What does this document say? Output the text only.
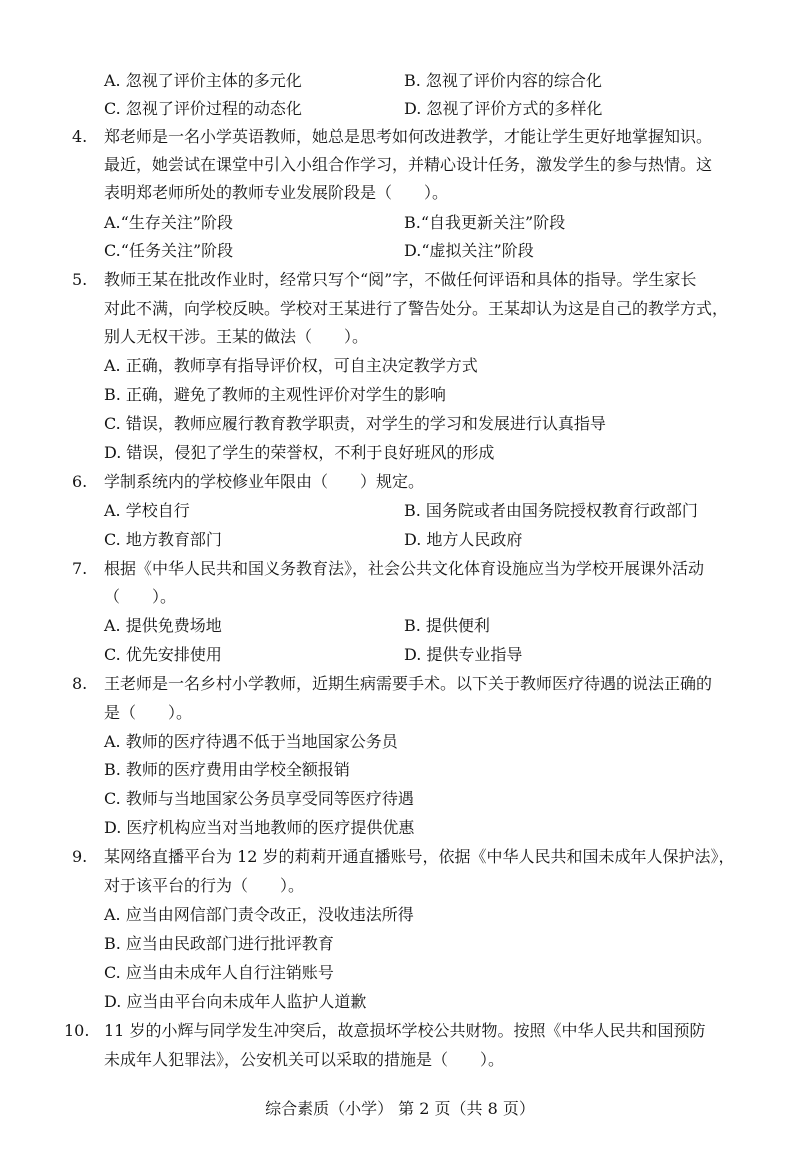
A. 忽视了评价主体的多元化	B. 忽视了评价内容的综合化
C. 忽视了评价过程的动态化	D. 忽视了评价方式的多样化
4. 郑老师是一名小学英语教师，她总是思考如何改进教学，才能让学生更好地掌握知识。
最近，她尝试在课堂中引入小组合作学习，并精心设计任务，激发学生的参与热情。这
表明郑老师所处的教师专业发展阶段是（　　）。
A.“生存关注”阶段	B.“自我更新关注”阶段
C.“任务关注”阶段	D.“虚拟关注”阶段
5. 教师王某在批改作业时，经常只写个“阅”字，不做任何评语和具体的指导。学生家长
对此不满，向学校反映。学校对王某进行了警告处分。王某却认为这是自己的教学方式，
别人无权干涉。王某的做法（　　）。
A. 正确，教师享有指导评价权，可自主决定教学方式
B. 正确，避免了教师的主观性评价对学生的影响
C. 错误，教师应履行教育教学职责，对学生的学习和发展进行认真指导
D. 错误，侵犯了学生的荣誉权，不利于良好班风的形成
6. 学制系统内的学校修业年限由（　　）规定。
A. 学校自行	B. 国务院或者由国务院授权教育行政部门
C. 地方教育部门	D. 地方人民政府
7. 根据《中华人民共和国义务教育法》，社会公共文化体育设施应当为学校开展课外活动
（　　）。
A. 提供免费场地	B. 提供便利
C. 优先安排使用	D. 提供专业指导
8. 王老师是一名乡村小学教师，近期生病需要手术。以下关于教师医疗待遇的说法正确的
是（　　）。
A. 教师的医疗待遇不低于当地国家公务员
B. 教师的医疗费用由学校全额报销
C. 教师与当地国家公务员享受同等医疗待遇
D. 医疗机构应当对当地教师的医疗提供优惠
9. 某网络直播平台为 12 岁的莉莉开通直播账号，依据《中华人民共和国未成年人保护法》，
对于该平台的行为（　　）。
A. 应当由网信部门责令改正，没收违法所得
B. 应当由民政部门进行批评教育
C. 应当由未成年人自行注销账号
D. 应当由平台向未成年人监护人道歉
10. 11 岁的小辉与同学发生冲突后，故意损坏学校公共财物。按照《中华人民共和国预防
未成年人犯罪法》，公安机关可以采取的措施是（　　）。
综合素质（小学） 第 2 页（共 8 页）
